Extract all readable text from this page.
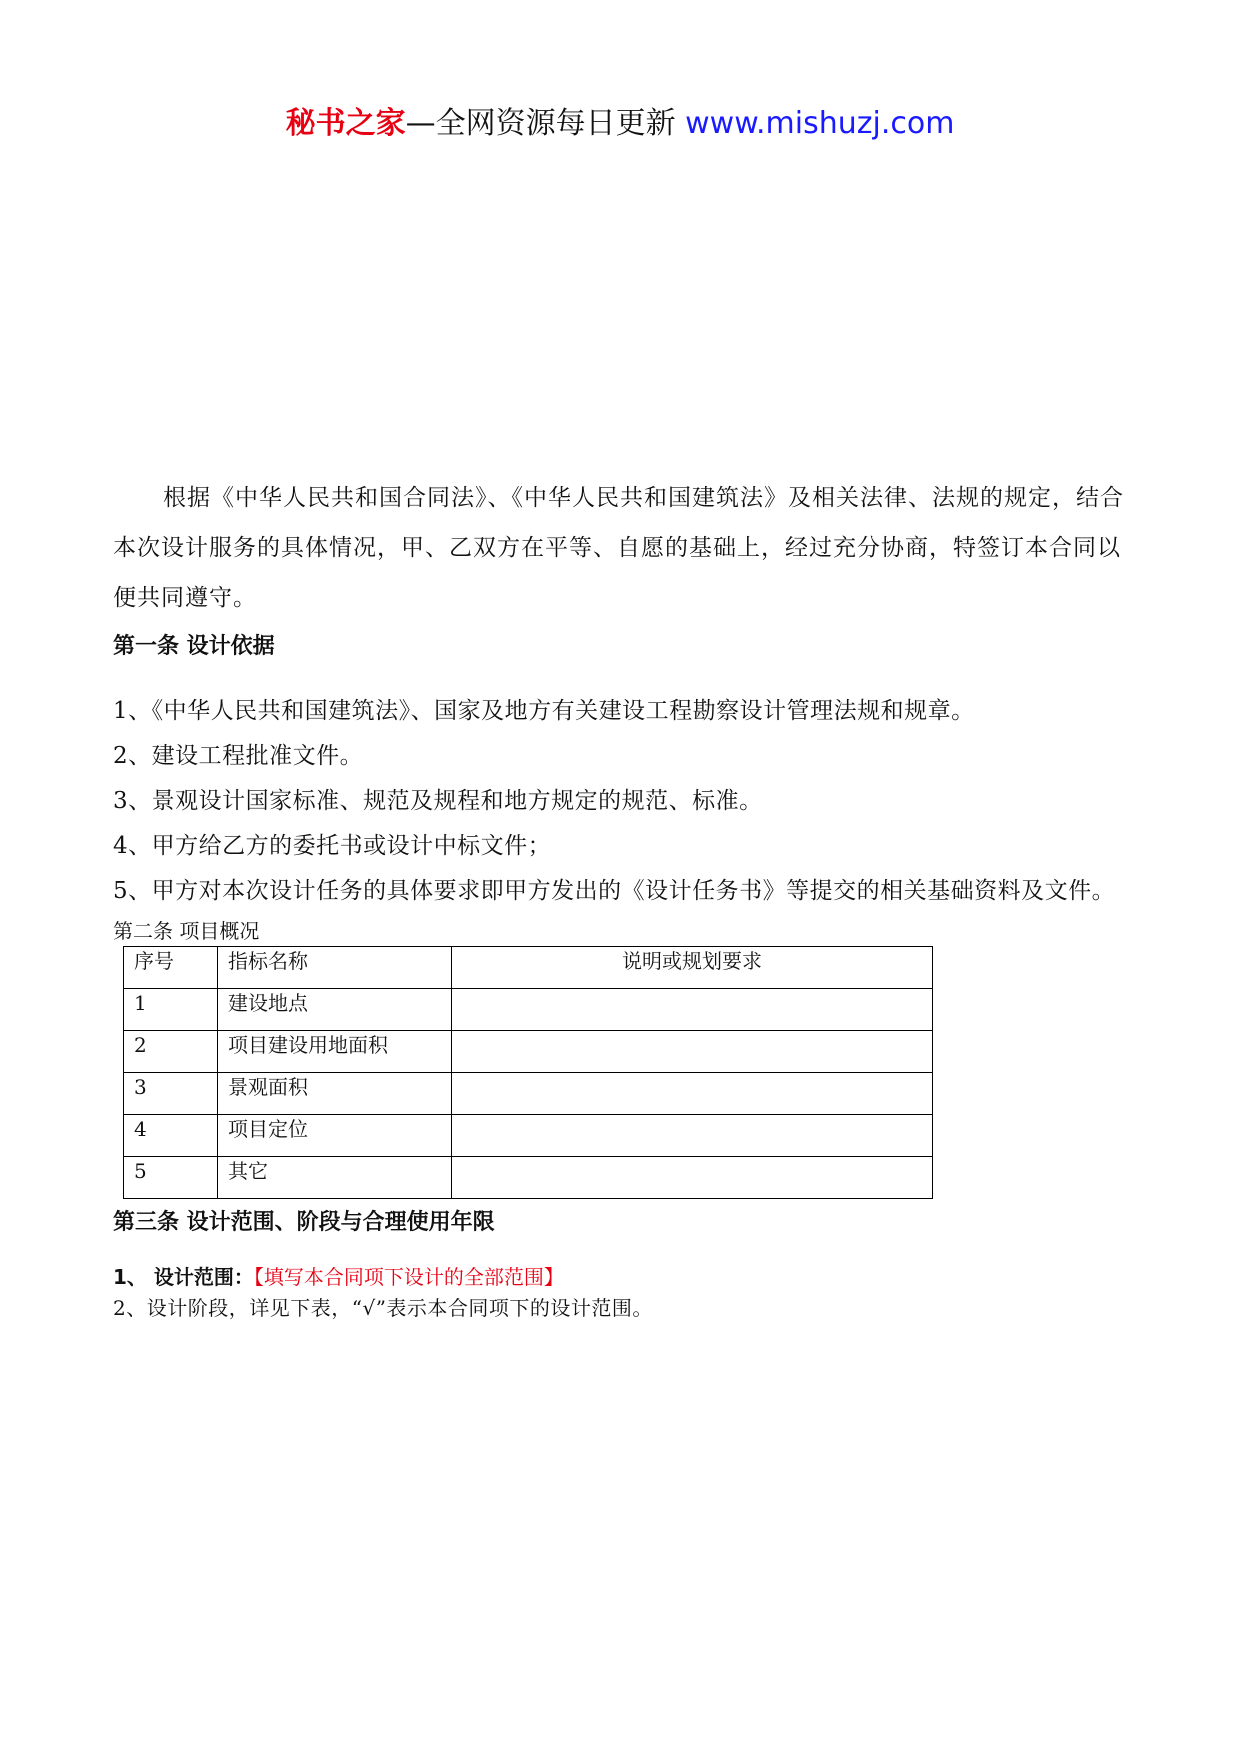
秘书之家—全网资源每日更新 www.mishuzj.com

根据《中华人民共和国合同法》、《中华人民共和国建筑法》及相关法律、法规的规定，结合本次设计服务的具体情况，甲、乙双方在平等、自愿的基础上，经过充分协商，特签订本合同以便共同遵守。

第一条 设计依据

1、《中华人民共和国建筑法》、国家及地方有关建设工程勘察设计管理法规和规章。

2、建设工程批准文件。

3、景观设计国家标准、规范及规程和地方规定的规范、标准。

4、甲方给乙方的委托书或设计中标文件；

5、甲方对本次设计任务的具体要求即甲方发出的《设计任务书》等提交的相关基础资料及文件。

第二条 项目概况

序号	指标名称	说明或规划要求
1	建设地点	
2	项目建设用地面积	
3	景观面积	
4	项目定位	
5	其它	

第三条 设计范围、阶段与合理使用年限

1、 设计范围：【填写本合同项下设计的全部范围】

2、设计阶段，详见下表，“√”表示本合同项下的设计范围。
